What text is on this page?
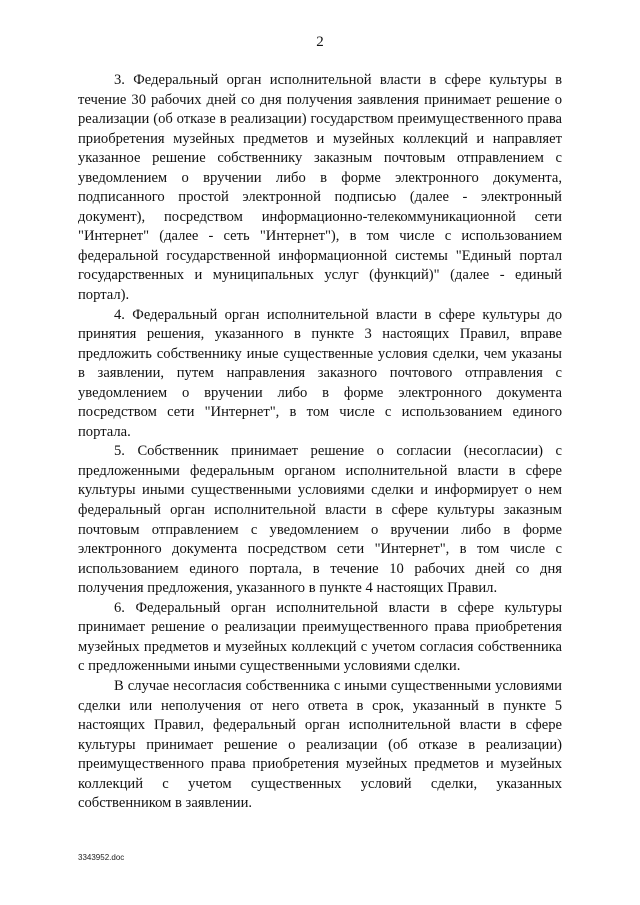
2

3. Федеральный орган исполнительной власти в сфере культуры в течение 30 рабочих дней со дня получения заявления принимает решение о реализации (об отказе в реализации) государством преимущественного права приобретения музейных предметов и музейных коллекций и направляет указанное решение собственнику заказным почтовым отправлением с уведомлением о вручении либо в форме электронного документа, подписанного простой электронной подписью (далее - электронный документ), посредством информационно-телекоммуникационной сети "Интернет" (далее - сеть "Интернет"), в том числе с использованием федеральной государственной информационной системы "Единый портал государственных и муниципальных услуг (функций)" (далее - единый портал).

4. Федеральный орган исполнительной власти в сфере культуры до принятия решения, указанного в пункте 3 настоящих Правил, вправе предложить собственнику иные существенные условия сделки, чем указаны в заявлении, путем направления заказного почтового отправления с уведомлением о вручении либо в форме электронного документа посредством сети "Интернет", в том числе с использованием единого портала.

5. Собственник принимает решение о согласии (несогласии) с предложенными федеральным органом исполнительной власти в сфере культуры иными существенными условиями сделки и информирует о нем федеральный орган исполнительной власти в сфере культуры заказным почтовым отправлением с уведомлением о вручении либо в форме электронного документа посредством сети "Интернет", в том числе с использованием единого портала, в течение 10 рабочих дней со дня получения предложения, указанного в пункте 4 настоящих Правил.

6. Федеральный орган исполнительной власти в сфере культуры принимает решение о реализации преимущественного права приобретения музейных предметов и музейных коллекций с учетом согласия собственника с предложенными иными существенными условиями сделки.

В случае несогласия собственника с иными существенными условиями сделки или неполучения от него ответа в срок, указанный в пункте 5 настоящих Правил, федеральный орган исполнительной власти в сфере культуры принимает решение о реализации (об отказе в реализации) преимущественного права приобретения музейных предметов и музейных коллекций с учетом существенных условий сделки, указанных собственником в заявлении.

3343952.doc
